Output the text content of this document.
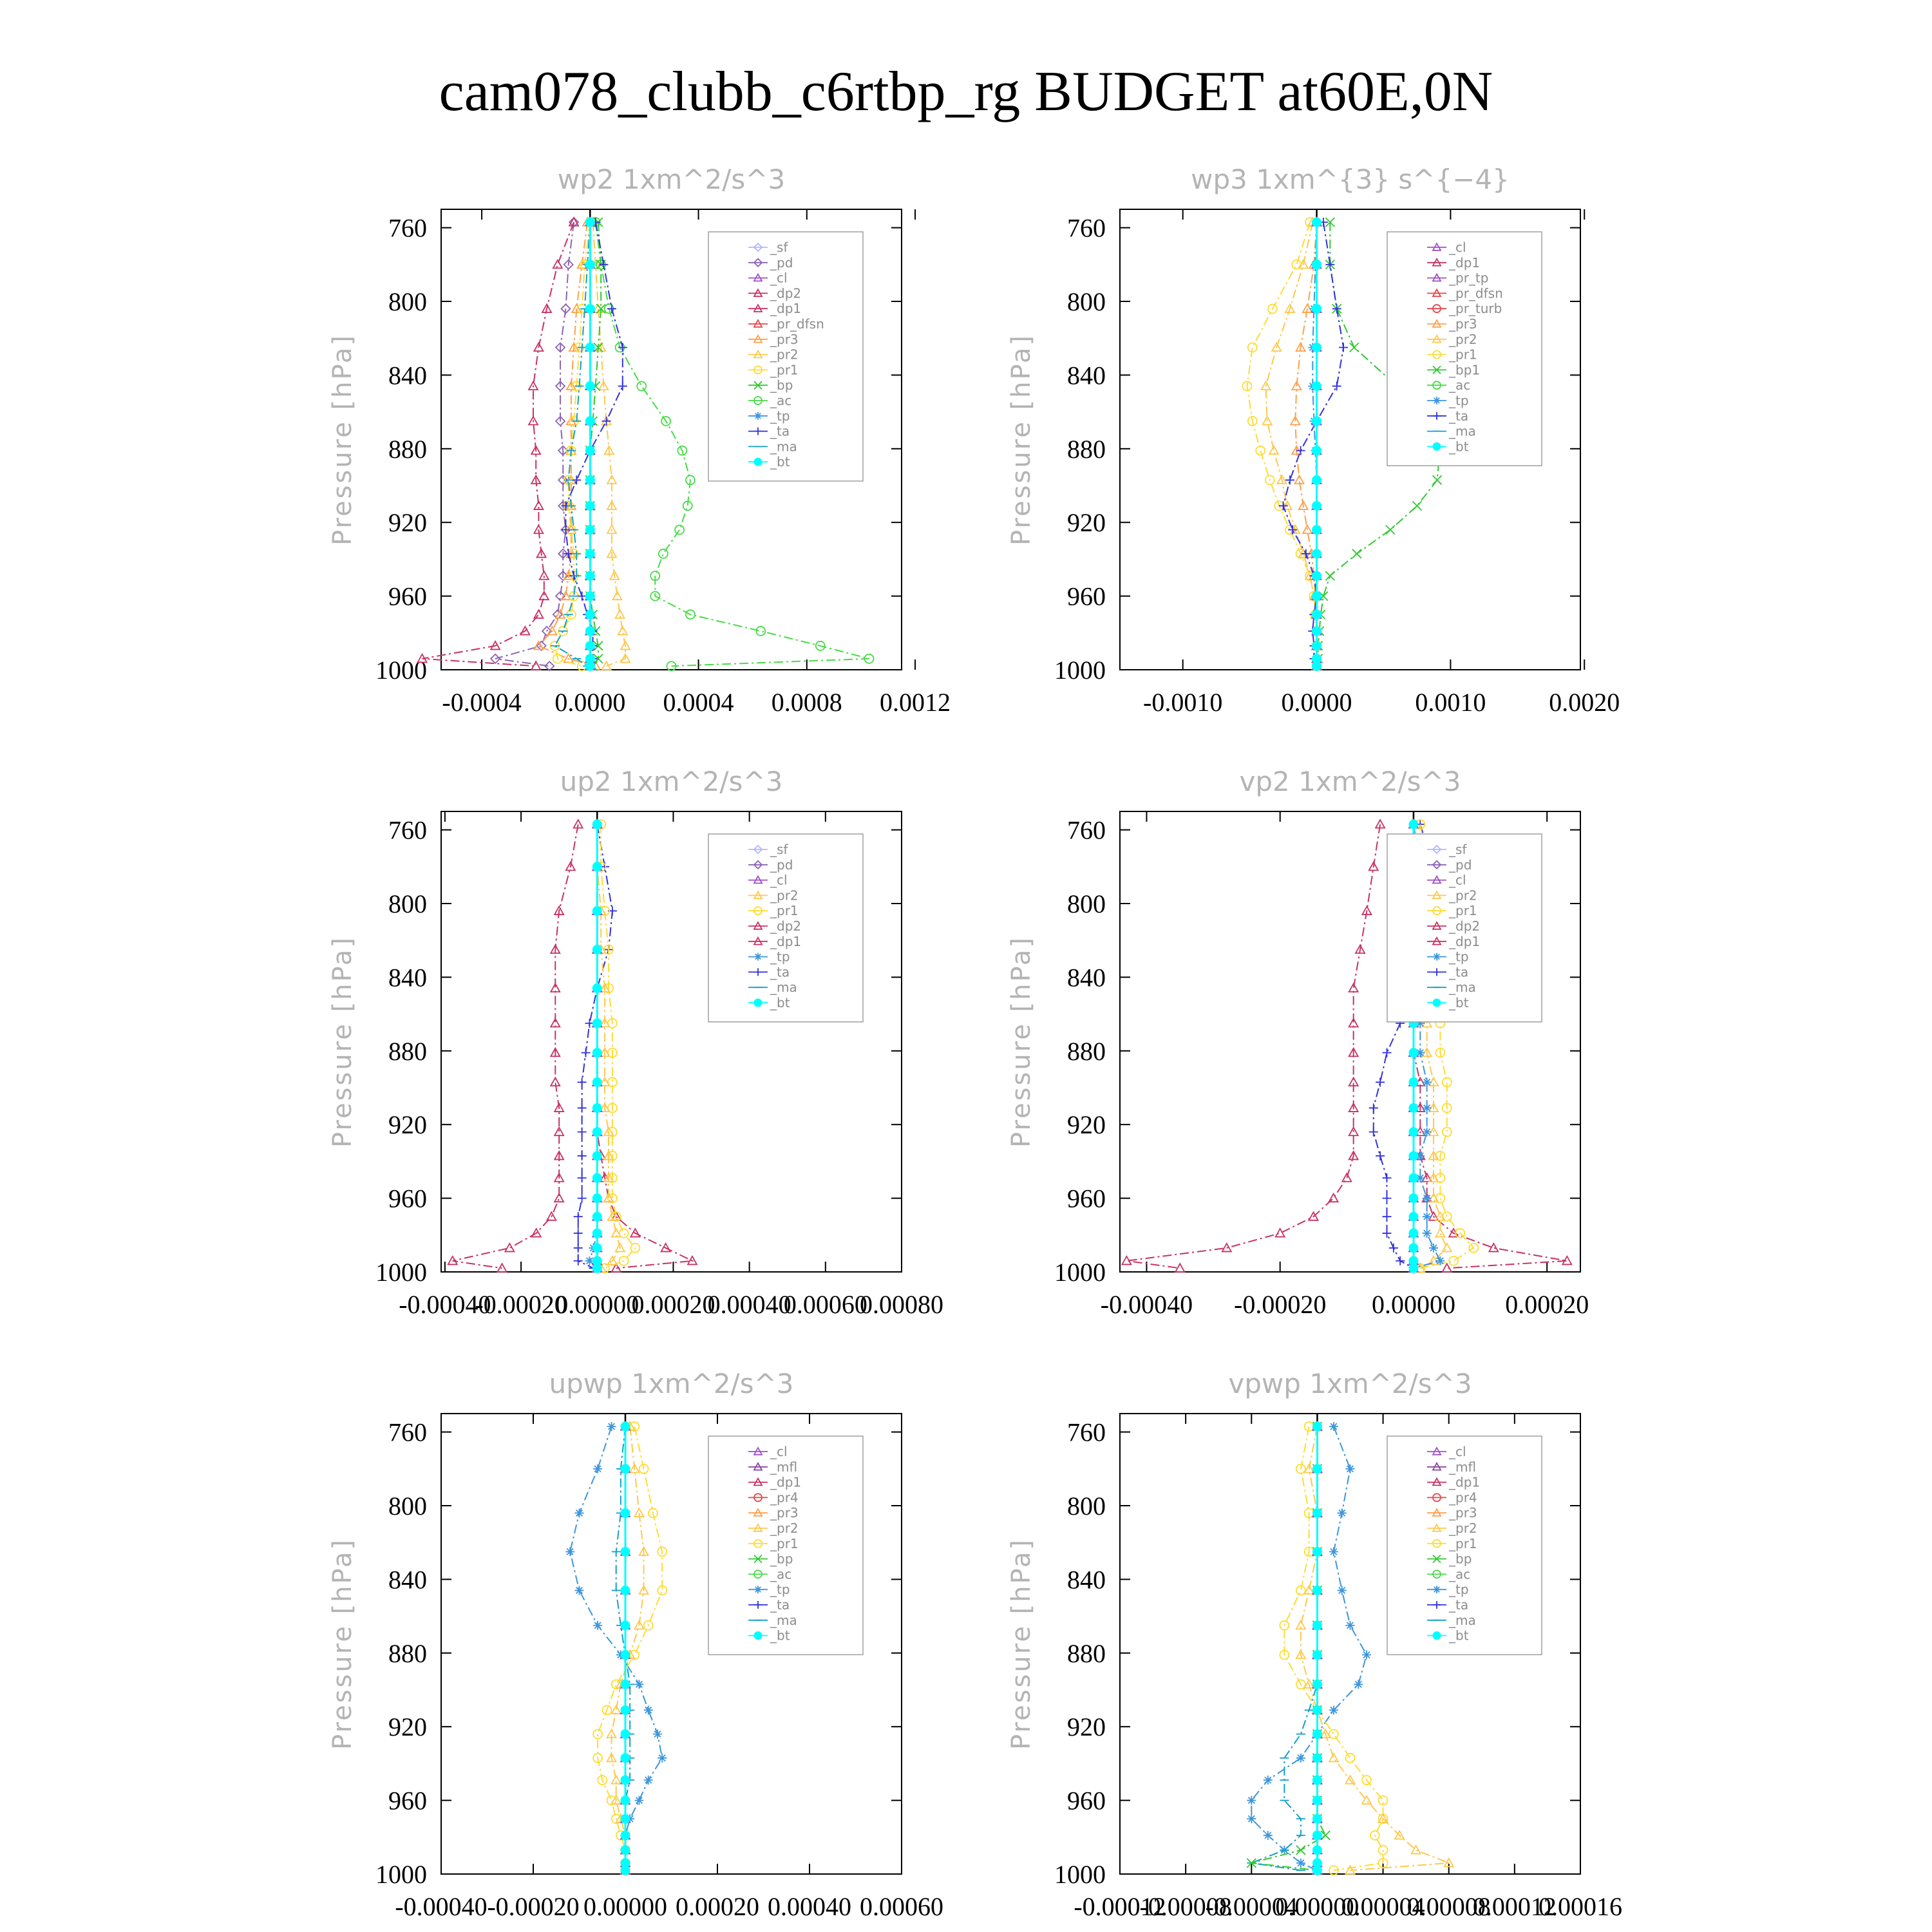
cam078_clubb_c6rtbp_rg BUDGET at60E,0N
wp2 1xm^2/s^3
Pressure [hPa]
760
800
840
880
920
960
1000
-0.0004 0.0000 0.0004 0.0008 0.0012
_sf
_pd
_cl
_dp2
_dp1
_pr_dfsn
_pr3
_pr2
_pr1
_bp
_ac
_tp
_ta
_ma
_bt
wp3 1xm^{3} s^{−4}
Pressure [hPa]
760
800
840
880
920
960
1000
-0.0010 0.0000 0.0010 0.0020
_cl
_dp1
_pr_tp
_pr_dfsn
_pr_turb
_pr3
_pr2
_pr1
_bp1
_ac
_tp
_ta
_ma
_bt
up2 1xm^2/s^3
Pressure [hPa]
760
800
840
880
920
960
1000
-0.00040
-0.00020
0.00000
0.00020
0.00040
0.00060
0.00080
_sf
_pd
_cl
_pr2
_pr1
_dp2
_dp1
_tp
_ta
_ma
_bt
vp2 1xm^2/s^3
Pressure [hPa]
760
800
840
880
920
960
1000
-0.00040 -0.00020 0.00000 0.00020
_sf
_pd
_cl
_pr2
_pr1
_dp2
_dp1
_tp
_ta
_ma
_bt
upwp 1xm^2/s^3
Pressure [hPa]
760
800
840
880
920
960
1000
-0.00040 -0.00020 0.00000 0.00020 0.00040 0.00060
_cl
_mfl
_dp1
_pr4
_pr3
_pr2
_pr1
_bp
_ac
_tp
_ta
_ma
_bt
vpwp 1xm^2/s^3
Pressure [hPa]
760
800
840
880
920
960
1000
-0.00012
-0.00008
-0.00004
0.00000
0.00004
0.00008
0.00012
0.00016
_cl
_mfl
_dp1
_pr4
_pr3
_pr2
_pr1
_bp
_ac
_tp
_ta
_ma
_bt
